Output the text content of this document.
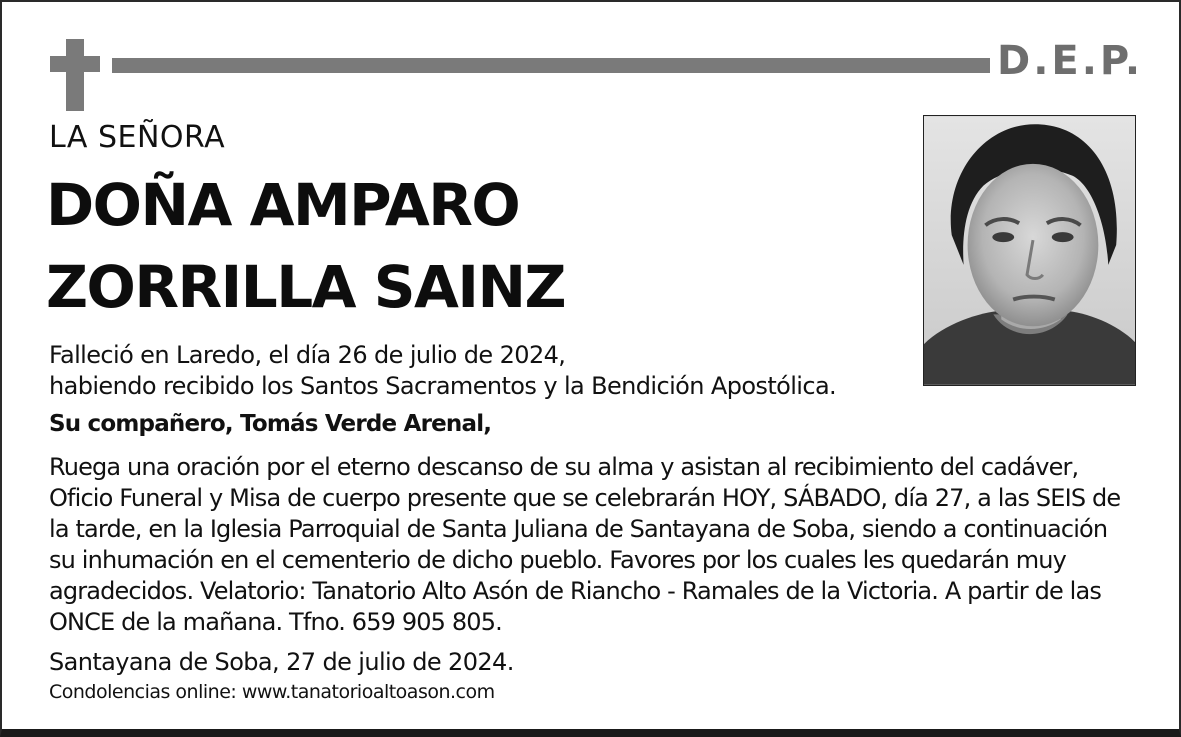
D.E.P.
LA SEÑORA
DOÑA AMPARO
ZORRILLA SAINZ
Falleció en Laredo, el día 26 de julio de 2024,
habiendo recibido los Santos Sacramentos y la Bendición Apostólica.
Su compañero, Tomás Verde Arenal,
Ruega una oración por el eterno descanso de su alma y asistan al recibimiento del cadáver,
Oficio Funeral y Misa de cuerpo presente que se celebrarán HOY, SÁBADO, día 27, a las SEIS de
la tarde, en la Iglesia Parroquial de Santa Juliana de Santayana de Soba, siendo a continuación
su inhumación en el cementerio de dicho pueblo. Favores por los cuales les quedarán muy
agradecidos. Velatorio: Tanatorio Alto Asón de Riancho - Ramales de la Victoria. A partir de las
ONCE de la mañana. Tfno. 659 905 805.
Santayana de Soba, 27 de julio de 2024.
Condolencias online: www.tanatorioaltoason.com
